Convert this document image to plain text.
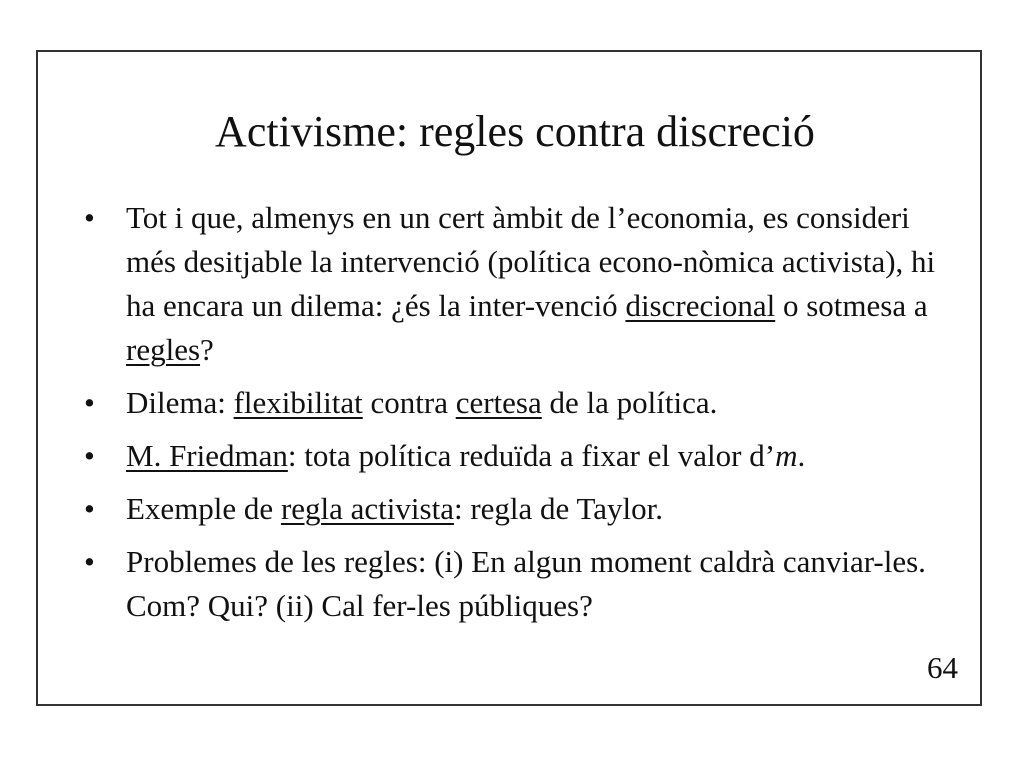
Activisme: regles contra discreció
• Tot i que, almenys en un cert àmbit de l’economia, es consideri més desitjable la intervenció (política econo-nòmica activista), hi ha encara un dilema: ¿és la inter-venció discrecional o sotmesa a regles?
• Dilema: flexibilitat contra certesa de la política.
• M. Friedman: tota política reduïda a fixar el valor d’m.
• Exemple de regla activista: regla de Taylor.
• Problemes de les regles: (i) En algun moment caldrà canviar-les. Com? Qui? (ii) Cal fer-les públiques?
64
